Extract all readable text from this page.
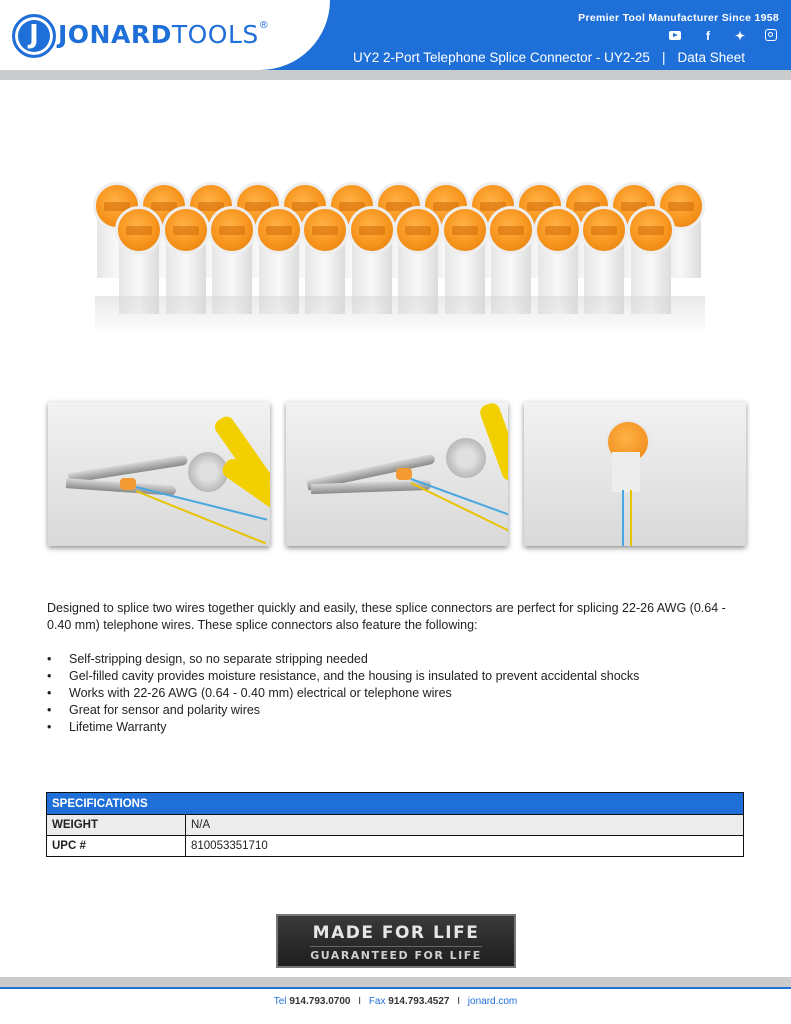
J JONARDTOOLS®
Premier Tool Manufacturer Since 1958
f	✦
UY2 2-Port Telephone Splice Connector - UY2-25 | Data Sheet
Designed to splice two wires together quickly and easily, these splice connectors are perfect for splicing 22-26 AWG (0.64 - 0.40 mm) telephone wires. These splice connectors also feature the following:
• Self-stripping design, so no separate stripping needed
• Gel-filled cavity provides moisture resistance, and the housing is insulated to prevent accidental shocks
• Works with 22-26 AWG (0.64 - 0.40 mm) electrical or telephone wires
• Great for sensor and polarity wires
• Lifetime Warranty
SPECIFICATIONS	
WEIGHT	N/A
UPC #	810053351710
MADE FOR LIFE
GUARANTEED FOR LIFE
Tel 914.793.0700 I Fax 914.793.4527 I jonard.com
